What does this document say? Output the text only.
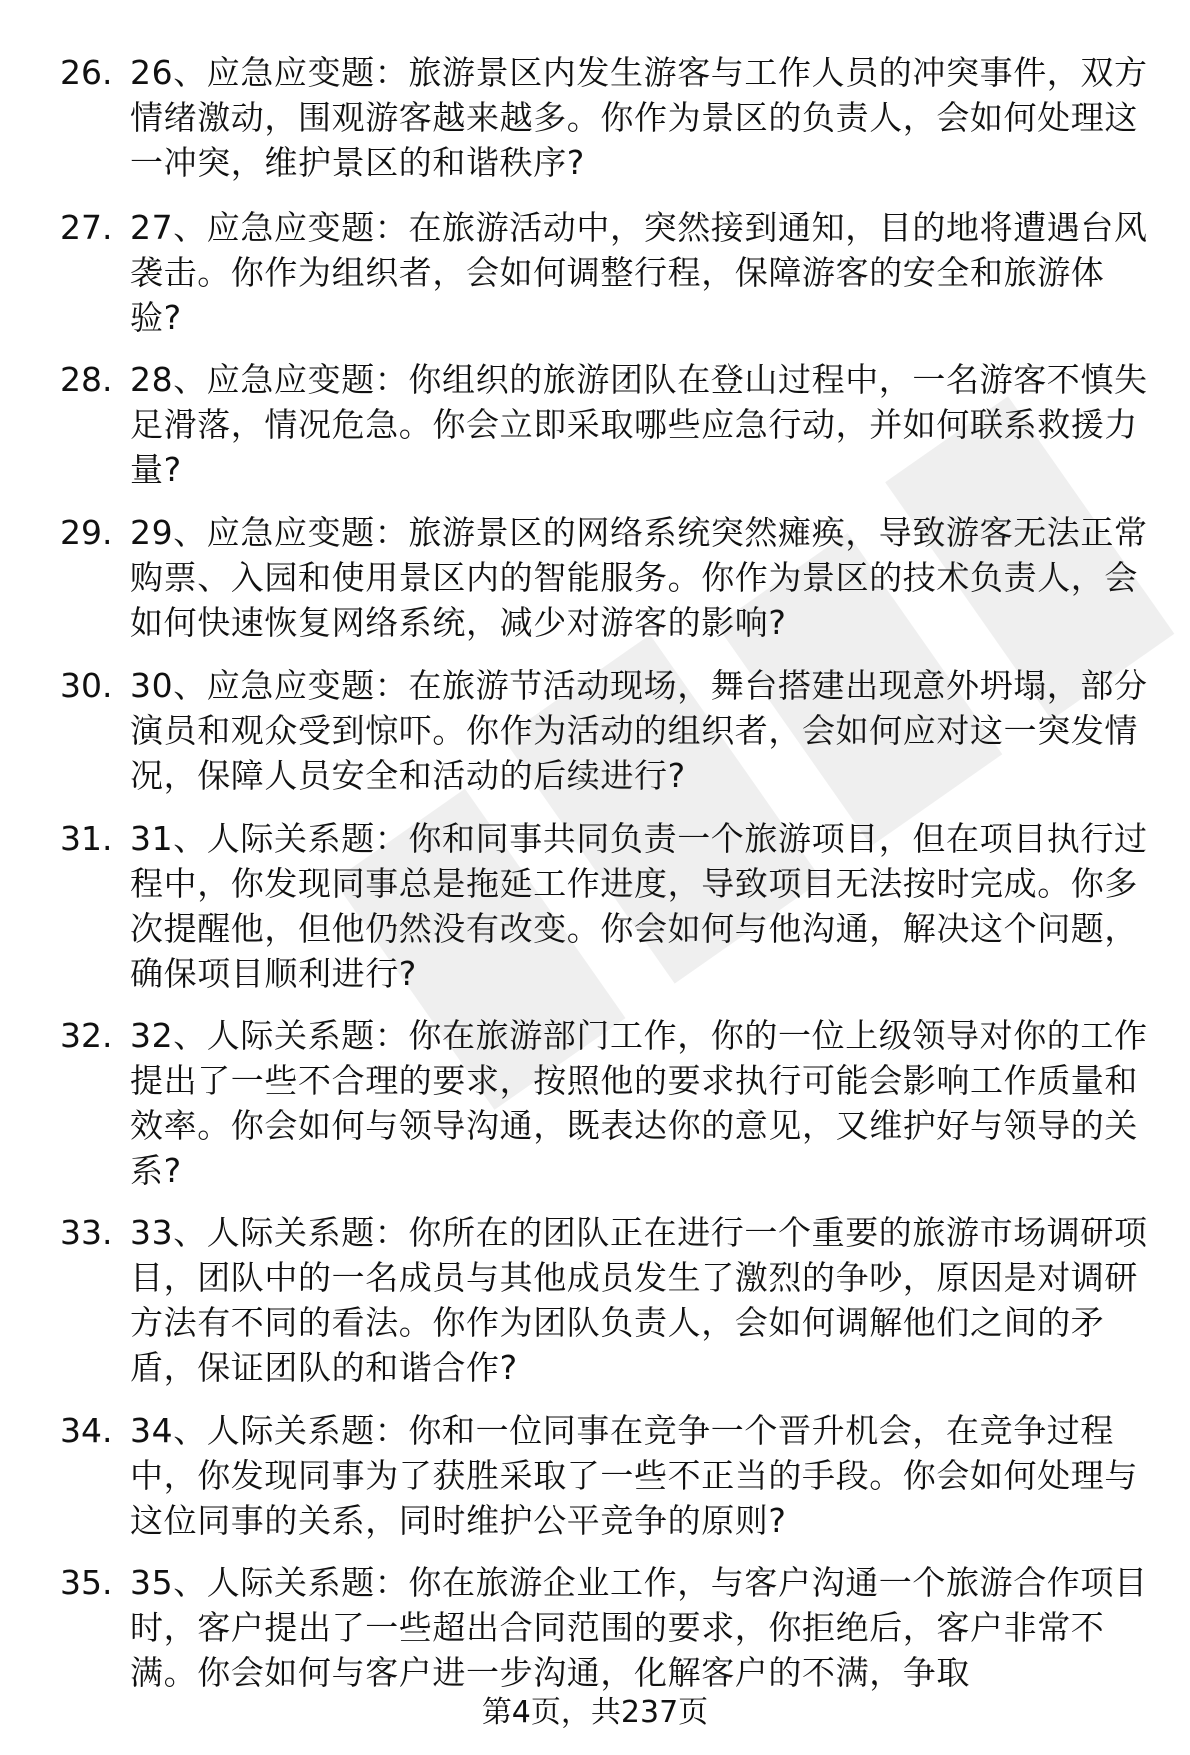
26. 26、应急应变题：旅游景区内发生游客与工作人员的冲突事件，双方情绪激动，围观游客越来越多。你作为景区的负责人，会如何处理这一冲突，维护景区的和谐秩序?
27. 27、应急应变题：在旅游活动中，突然接到通知，目的地将遭遇台风袭击。你作为组织者，会如何调整行程，保障游客的安全和旅游体验?
28. 28、应急应变题：你组织的旅游团队在登山过程中，一名游客不慎失足滑落，情况危急。你会立即采取哪些应急行动，并如何联系救援力量?
29. 29、应急应变题：旅游景区的网络系统突然瘫痪，导致游客无法正常购票、入园和使用景区内的智能服务。你作为景区的技术负责人，会如何快速恢复网络系统，减少对游客的影响?
30. 30、应急应变题：在旅游节活动现场，舞台搭建出现意外坍塌，部分演员和观众受到惊吓。你作为活动的组织者，会如何应对这一突发情况，保障人员安全和活动的后续进行?
31. 31、人际关系题：你和同事共同负责一个旅游项目，但在项目执行过程中，你发现同事总是拖延工作进度，导致项目无法按时完成。你多次提醒他，但他仍然没有改变。你会如何与他沟通，解决这个问题，确保项目顺利进行?
32. 32、人际关系题：你在旅游部门工作，你的一位上级领导对你的工作提出了一些不合理的要求，按照他的要求执行可能会影响工作质量和效率。你会如何与领导沟通，既表达你的意见，又维护好与领导的关系?
33. 33、人际关系题：你所在的团队正在进行一个重要的旅游市场调研项目，团队中的一名成员与其他成员发生了激烈的争吵，原因是对调研方法有不同的看法。你作为团队负责人，会如何调解他们之间的矛盾，保证团队的和谐合作?
34. 34、人际关系题：你和一位同事在竞争一个晋升机会，在竞争过程中，你发现同事为了获胜采取了一些不正当的手段。你会如何处理与这位同事的关系，同时维护公平竞争的原则?
35. 35、人际关系题：你在旅游企业工作，与客户沟通一个旅游合作项目时，客户提出了一些超出合同范围的要求，你拒绝后，客户非常不满。你会如何与客户进一步沟通，化解客户的不满，争取
第4页，共237页
